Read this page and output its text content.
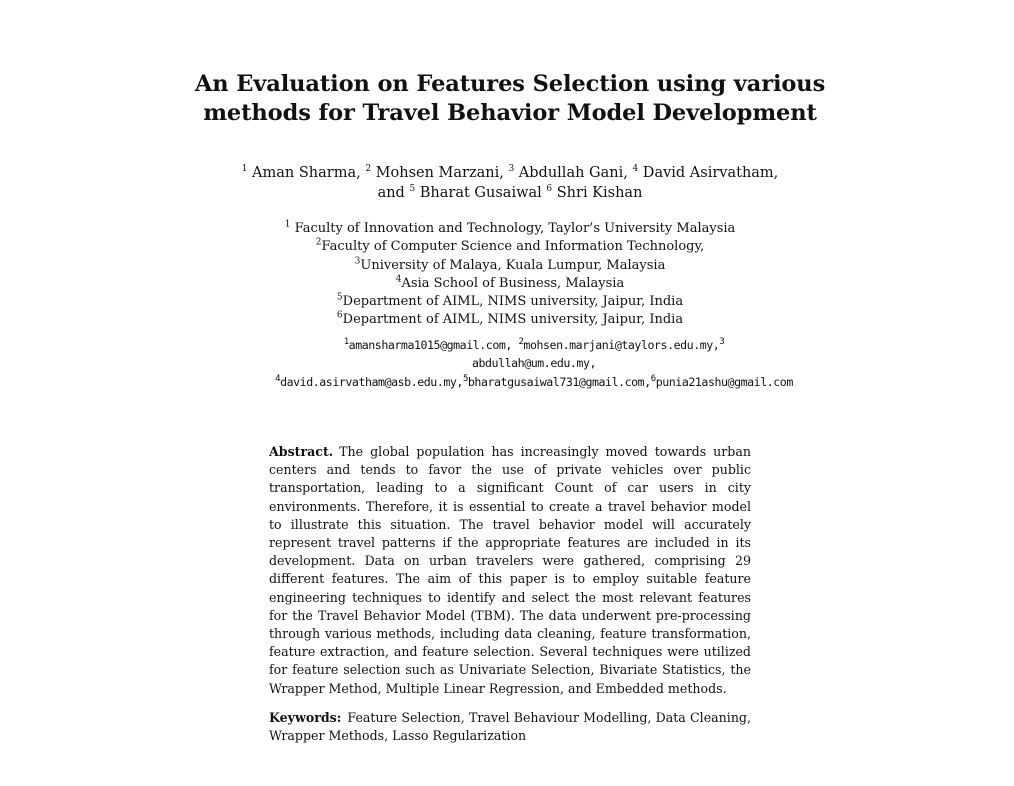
An Evaluation on Features Selection using various
methods for Travel Behavior Model Development
$^1$ Aman Sharma, $^2$ Mohsen Marzani, $^3$ Abdullah Gani, $^4$ David Asirvatham,
and $^5$ Bharat Gusaiwal $^6$ Shri Kishan
$^1$ Faculty of Innovation and Technology, Taylor’s University Malaysia
$^2$Faculty of Computer Science and Information Technology,
$^3$University of Malaya, Kuala Lumpur, Malaysia
$^4$Asia School of Business, Malaysia
$^5$Department of AIML, NIMS university, Jaipur, India
$^6$Department of AIML, NIMS university, Jaipur, India
$^1$amansharma1015@gmail.com, $^2$mohsen.marjani@taylors.edu.my,$^3$
abdullah@um.edu.my,
$^4$david.asirvatham@asb.edu.my,$^5$bharatgusaiwal731@gmail.com,$^6$punia21ashu@gmail.com

Abstract. The global population has increasingly moved towards urban centers and tends to favor the use of private vehicles over public transportation, leading to a significant Count of car users in city environments. Therefore, it is essential to create a travel behavior model to illustrate this situation. The travel behavior model will accurately represent travel patterns if the appropriate features are included in its development. Data on urban travelers were gathered, comprising 29 different features. The aim of this paper is to employ suitable feature engineering techniques to identify and select the most relevant features for the Travel Behavior Model (TBM). The data underwent pre-processing through various methods, including data cleaning, feature transformation, feature extraction, and feature selection. Several techniques were utilized for feature selection such as Univariate Selection, Bivariate Statistics, the Wrapper Method, Multiple Linear Regression, and Embedded methods.

Keywords: Feature Selection, Travel Behaviour Modelling, Data Cleaning, Wrapper Methods, Lasso Regularization
